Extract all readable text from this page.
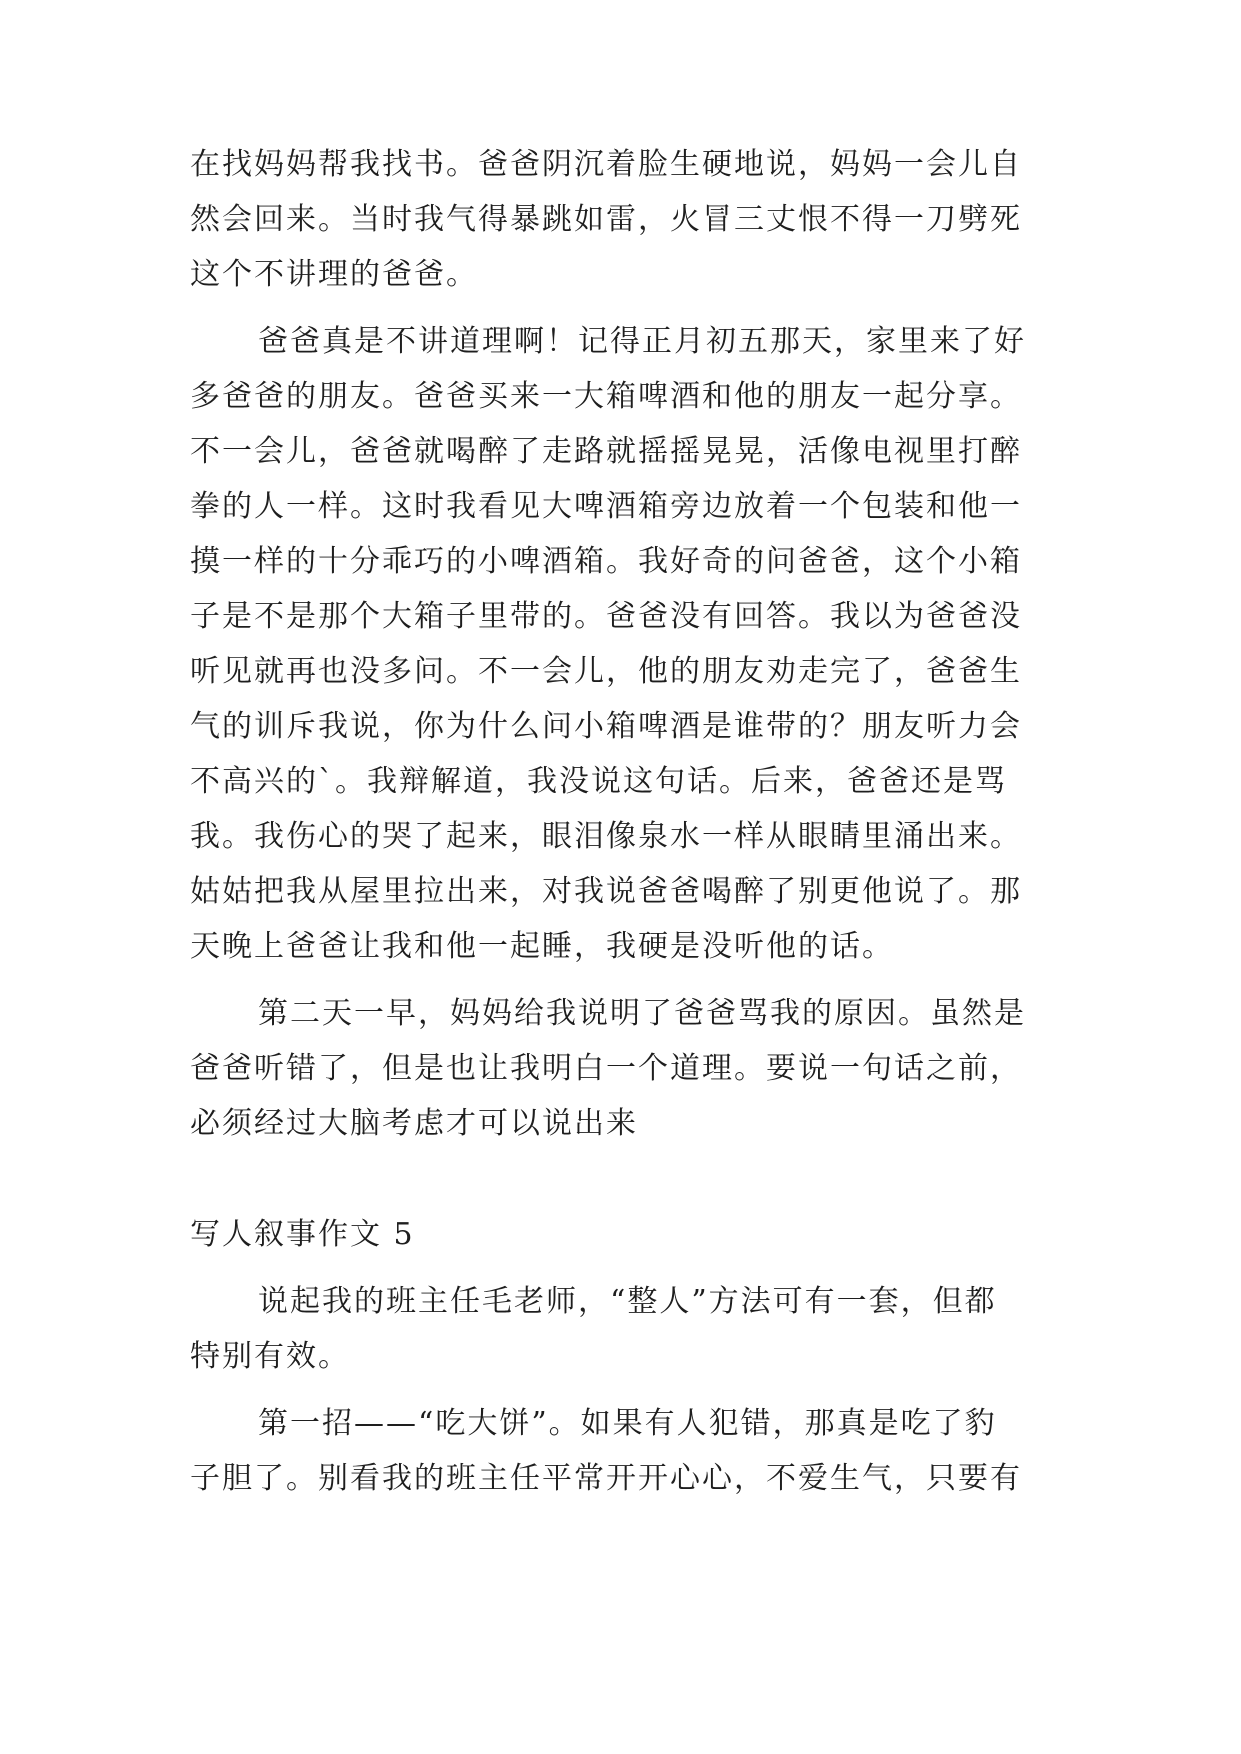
在找妈妈帮我找书。爸爸阴沉着脸生硬地说，妈妈一会儿自
然会回来。当时我气得暴跳如雷，火冒三丈恨不得一刀劈死
这个不讲理的爸爸。
爸爸真是不讲道理啊！记得正月初五那天，家里来了好
多爸爸的朋友。爸爸买来一大箱啤酒和他的朋友一起分享。
不一会儿，爸爸就喝醉了走路就摇摇晃晃，活像电视里打醉
拳的人一样。这时我看见大啤酒箱旁边放着一个包装和他一
摸一样的十分乖巧的小啤酒箱。我好奇的问爸爸，这个小箱
子是不是那个大箱子里带的。爸爸没有回答。我以为爸爸没
听见就再也没多问。不一会儿，他的朋友劝走完了，爸爸生
气的训斥我说，你为什么问小箱啤酒是谁带的？朋友听力会
不高兴的`。我辩解道，我没说这句话。后来，爸爸还是骂
我。我伤心的哭了起来，眼泪像泉水一样从眼睛里涌出来。
姑姑把我从屋里拉出来，对我说爸爸喝醉了别更他说了。那
天晚上爸爸让我和他一起睡，我硬是没听他的话。
第二天一早，妈妈给我说明了爸爸骂我的原因。虽然是
爸爸听错了，但是也让我明白一个道理。要说一句话之前，
必须经过大脑考虑才可以说出来
写人叙事作文 5
说起我的班主任毛老师，“整人”方法可有一套，但都
特别有效。
第一招——“吃大饼”。如果有人犯错，那真是吃了豹
子胆了。别看我的班主任平常开开心心，不爱生气，只要有
